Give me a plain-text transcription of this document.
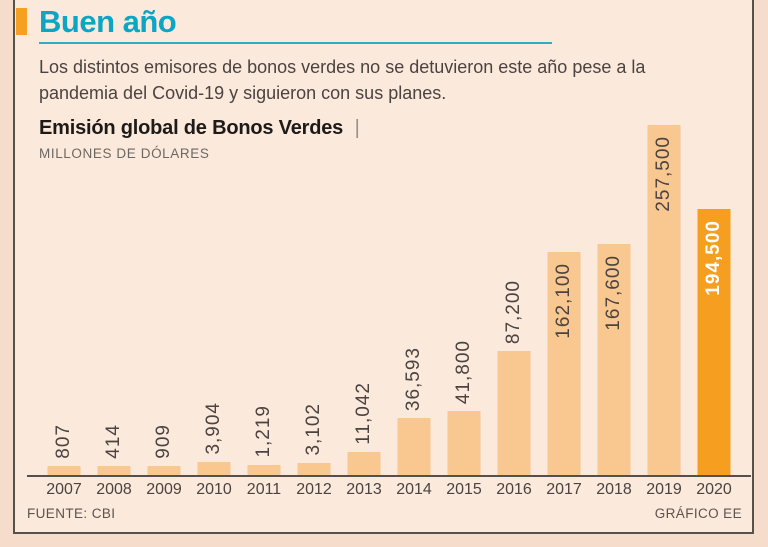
Buen año

Los distintos emisores de bonos verdes no se detuvieron este año pese a la
pandemia del Covid-19 y siguieron con sus planes.

Emisión global de Bonos Verdes |
MILLONES DE DÓLARES
807 414 909 3,904 1,219 3,102 11,042
36,593 41,800
87,200 162,100 167,600
257,500
194,500
2007 2008 2009 2010 2011 2012 2013 2014 2015 2016 2017 2018 2019 2020
FUENTE: CBI	GRÁFICO EE
